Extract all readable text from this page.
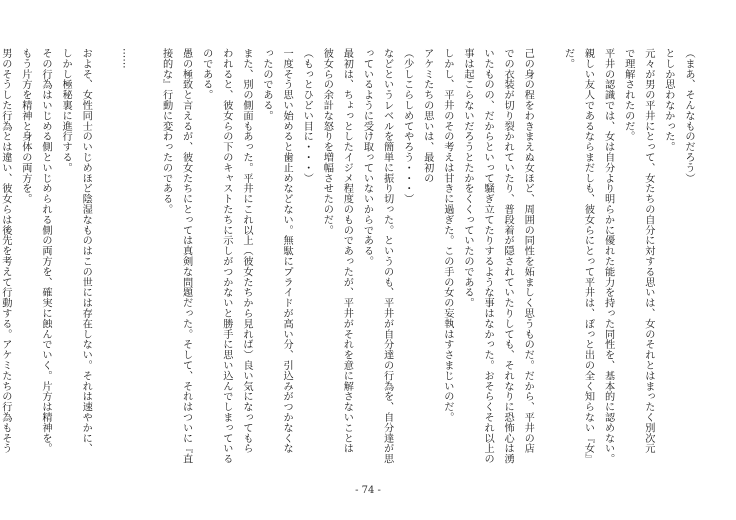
（まあ、そんなものだろう）
としか思わなかった。
元々が男の平井にとって、女たちの自分に対する思いは、女のそれとはまったく別次元
で理解されたのだ。
平井の認識では、女は自分より明らかに優れた能力を持った同性を、基本的に認めない。
親しい友人であるならまだしも、彼女らにとって平井は、ぽっと出の全く知らない『女』
だ。
己の身の程をわきまえぬ女ほど、周囲の同性を妬ましく思うものだ。だから、平井の店
での衣装が切り裂かれていたり、普段着が隠されていたりしても、それなりに恐怖心は湧
いたものの、だからといって騒ぎ立てたりするような事はなかった。おそらくそれ以上の
事は起こらないだろうとたかをくくっていたのである。
しかし、平井のその考えは甘きに過ぎた。この手の女の妄執はすさまじいのだ。
アケミたちの思いは、最初の
（少しこらしめてやろう・・・）
などというレベルを簡単に振り切った。というのも、平井が自分達の行為を、自分達が思
っているように受け取っていないからである。
最初は、ちょっとしたイジメ程度のものであったが、平井がそれを意に解さないことは
彼女らの余計な怒りを増幅させたのだ。
（もっとひどい目に・・・）
一度そう思い始めると歯止めなどない。無駄にプライドが高い分、引込みがつかなくな
ったのである。
また、別の側面もあった。平井にこれ以上（彼女たちから見れば）良い気になってもら
われると、彼女らの下のキャストたちに示しがつかないと勝手に思い込んでしまっている
のである。
愚の極致と言えるが、彼女たちにとっては真剣な問題だった。そして、それはついに『直
接的な』行動に変わったのである。
……
およそ、女性同士のいじめほど陰湿なものはこの世には存在しない。それは速やかに、
しかし極秘裏に進行する。
その行為はいじめる側といじめられる側の両方を、確実に蝕んでいく。片方は精神を。
もう片方を精神と身体の両方を。
男のそうした行為とは違い、彼女らは後先を考えて行動する。アケミたちの行為もそう
- 74 -
